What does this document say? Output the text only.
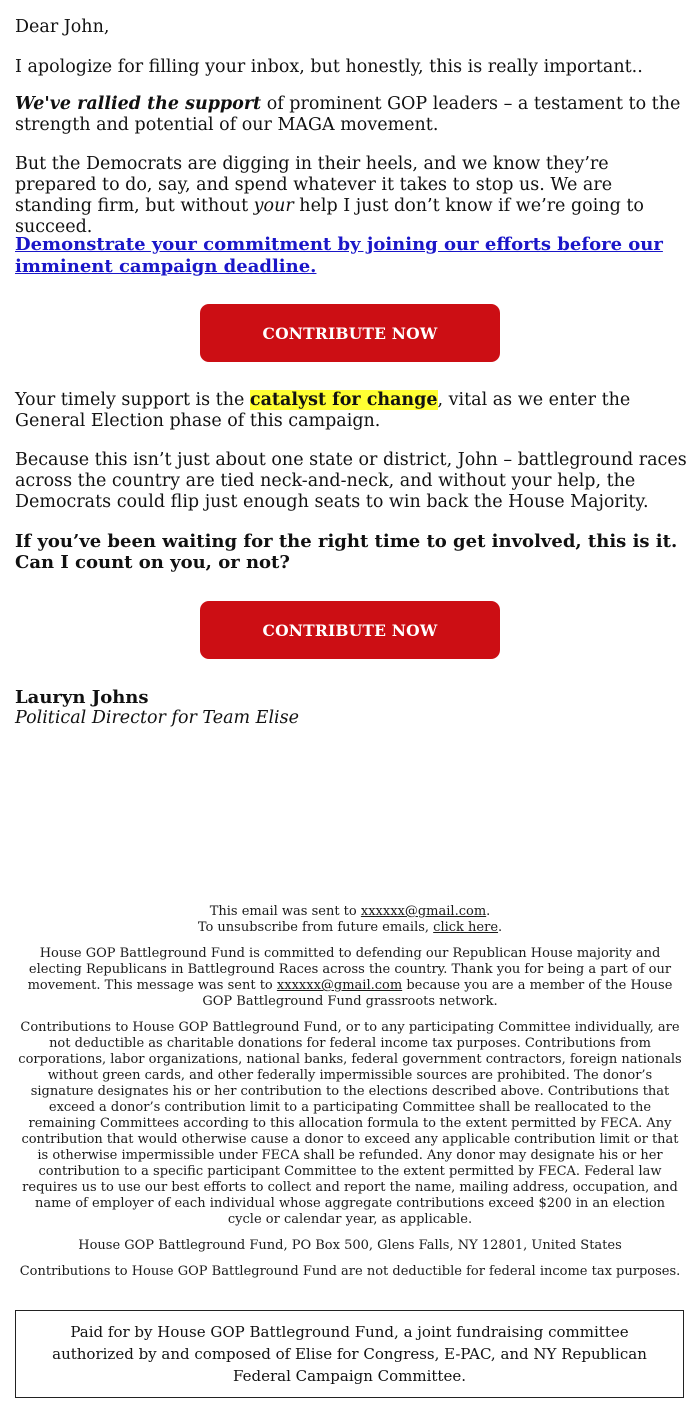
Dear John,

I apologize for filling your inbox, but honestly, this is really important..

We've rallied the support of prominent GOP leaders – a testament to the strength and potential of our MAGA movement.

But the Democrats are digging in their heels, and we know they’re prepared to do, say, and spend whatever it takes to stop us. We are standing firm, but without your help I just don’t know if we’re going to succeed.

Demonstrate your commitment by joining our efforts before our imminent campaign deadline.

CONTRIBUTE NOW

Your timely support is the catalyst for change, vital as we enter the General Election phase of this campaign.

Because this isn’t just about one state or district, John – battleground races across the country are tied neck-and-neck, and without your help, the Democrats could flip just enough seats to win back the House Majority.

If you’ve been waiting for the right time to get involved, this is it. Can I count on you, or not?

CONTRIBUTE NOW

Lauryn Johns

Political Director for Team Elise

This email was sent to xxxxxx@gmail.com.
To unsubscribe from future emails, click here.

House GOP Battleground Fund is committed to defending our Republican House majority and electing Republicans in Battleground Races across the country. Thank you for being a part of our movement. This message was sent to xxxxxx@gmail.com because you are a member of the House GOP Battleground Fund grassroots network.

Contributions to House GOP Battleground Fund, or to any participating Committee individually, are not deductible as charitable donations for federal income tax purposes. Contributions from corporations, labor organizations, national banks, federal government contractors, foreign nationals without green cards, and other federally impermissible sources are prohibited. The donor’s signature designates his or her contribution to the elections described above. Contributions that exceed a donor’s contribution limit to a participating Committee shall be reallocated to the remaining Committees according to this allocation formula to the extent permitted by FECA. Any contribution that would otherwise cause a donor to exceed any applicable contribution limit or that is otherwise impermissible under FECA shall be refunded. Any donor may designate his or her contribution to a specific participant Committee to the extent permitted by FECA. Federal law requires us to use our best efforts to collect and report the name, mailing address, occupation, and name of employer of each individual whose aggregate contributions exceed $200 in an election cycle or calendar year, as applicable.

House GOP Battleground Fund, PO Box 500, Glens Falls, NY 12801, United States

Contributions to House GOP Battleground Fund are not deductible for federal income tax purposes.

Paid for by House GOP Battleground Fund, a joint fundraising committee authorized by and composed of Elise for Congress, E-PAC, and NY Republican Federal Campaign Committee.
